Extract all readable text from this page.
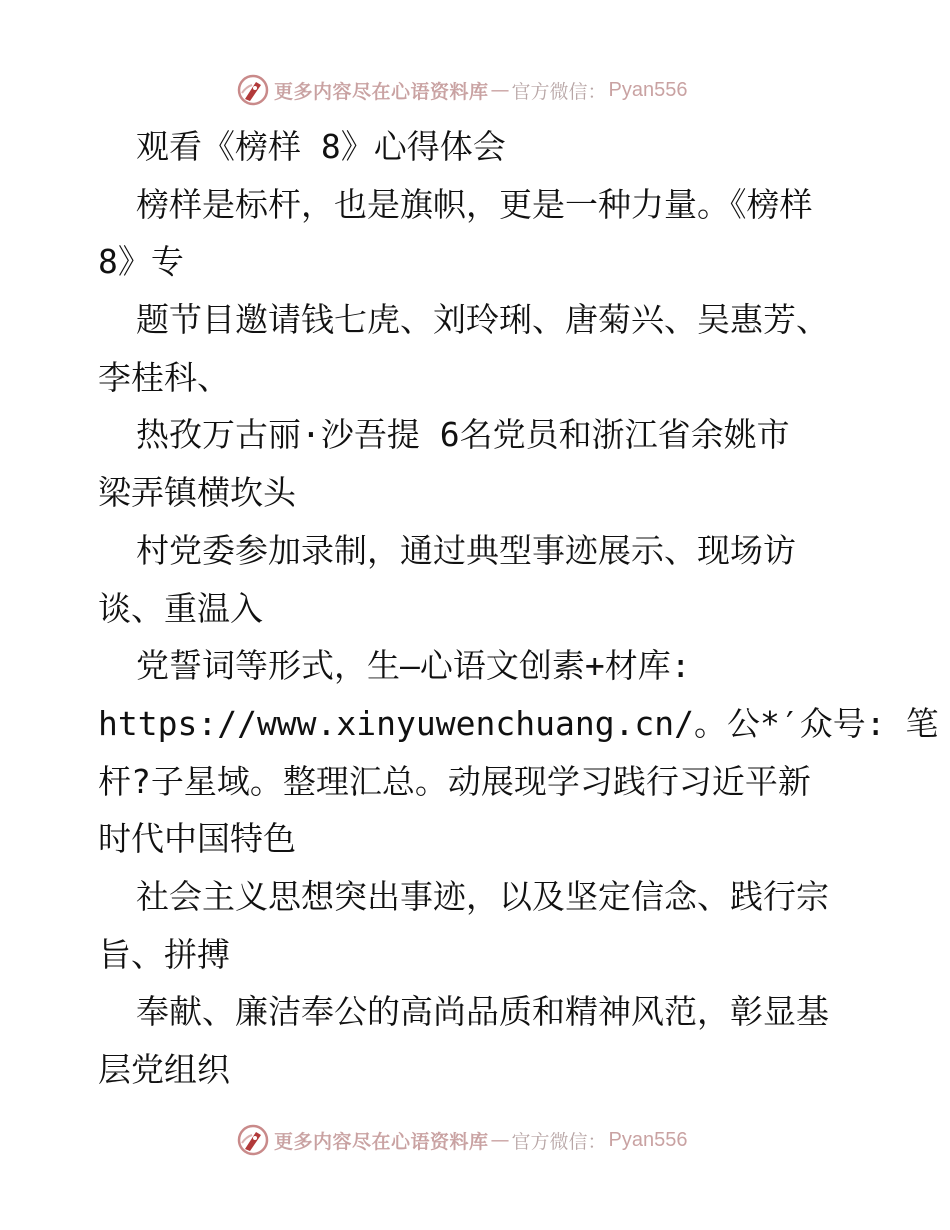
更多内容尽在心语资料库 — 官方微信： Pyan556
观看《榜样 8》心得体会
榜样是标杆，也是旗帜，更是一种力量。《榜样
8》专
题节目邀请钱七虎、刘玲琍、唐菊兴、吴惠芳、
李桂科、
热孜万古丽·沙吾提 6名党员和浙江省余姚市
梁弄镇横坎头
村党委参加录制，通过典型事迹展示、现场访
谈、重温入
党誓词等形式，生—心语文创素+材库:
https://www.xinyuwenchuang.cn/。公*′众号: 笔
杆?子星域。整理汇总。动展现学习践行习近平新
时代中国特色
社会主义思想突出事迹，以及坚定信念、践行宗
旨、拼搏
奉献、廉洁奉公的高尚品质和精神风范，彰显基
层党组织
更多内容尽在心语资料库 — 官方微信： Pyan556
